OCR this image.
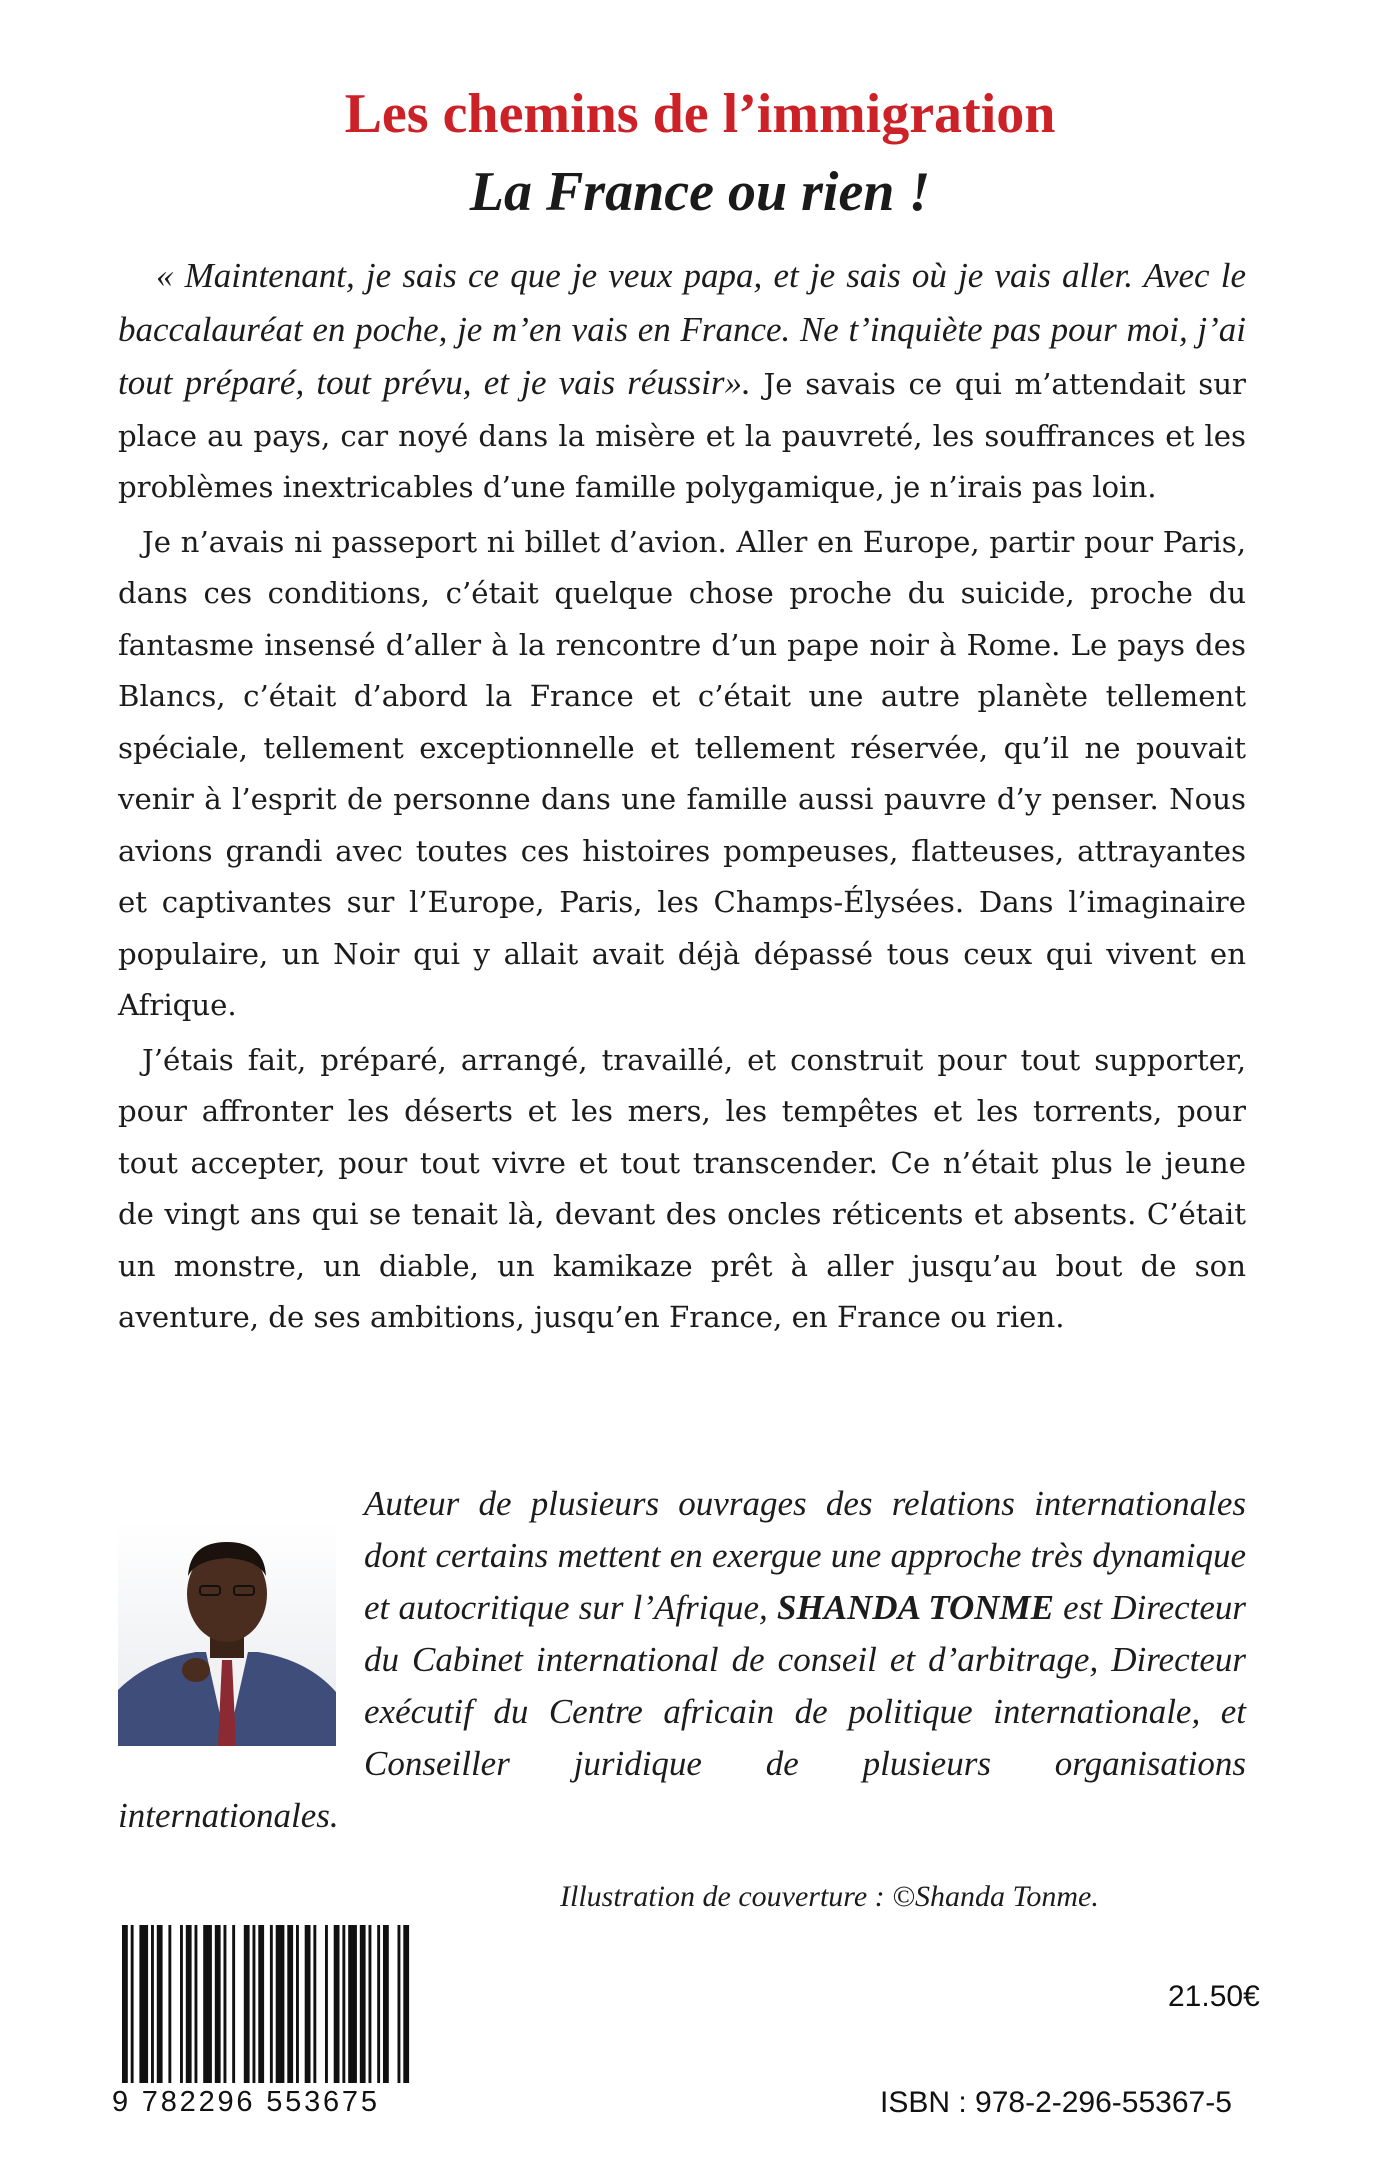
Les chemins de l’immigration
La France ou rien !

« Maintenant, je sais ce que je veux papa, et je sais où je vais aller. Avec le baccalauréat en poche, je m’en vais en France. Ne t’inquiète pas pour moi, j’ai tout préparé, tout prévu, et je vais réussir». Je savais ce qui m’attendait sur place au pays, car noyé dans la misère et la pauvreté, les souffrances et les problèmes inextricables d’une famille polygamique, je n’irais pas loin.

Je n’avais ni passeport ni billet d’avion. Aller en Europe, partir pour Paris, dans ces conditions, c’était quelque chose proche du suicide, proche du fantasme insensé d’aller à la rencontre d’un pape noir à Rome. Le pays des Blancs, c’était d’abord la France et c’était une autre planète tellement spéciale, tellement exceptionnelle et tellement réservée, qu’il ne pouvait venir à l’esprit de personne dans une famille aussi pauvre d’y penser. Nous avions grandi avec toutes ces histoires pompeuses, flatteuses, attrayantes et captivantes sur l’Europe, Paris, les Champs-Élysées. Dans l’imaginaire populaire, un Noir qui y allait avait déjà dépassé tous ceux qui vivent en Afrique.

J’étais fait, préparé, arrangé, travaillé, et construit pour tout supporter, pour affronter les déserts et les mers, les tempêtes et les torrents, pour tout accepter, pour tout vivre et tout transcender. Ce n’était plus le jeune de vingt ans qui se tenait là, devant des oncles réticents et absents. C’était un monstre, un diable, un kamikaze prêt à aller jusqu’au bout de son aventure, de ses ambitions, jusqu’en France, en France ou rien.

Auteur de plusieurs ouvrages des relations internationales dont certains mettent en exergue une approche très dynamique et autocritique sur l’Afrique, SHANDA TONME est Directeur du Cabinet international de conseil et d’arbitrage, Directeur exécutif du Centre africain de politique internationale, et Conseiller juridique de plusieurs organisations internationales.
Illustration de couverture : ©Shanda Tonme.
9 782296 553675
21.50€
ISBN : 978-2-296-55367-5
